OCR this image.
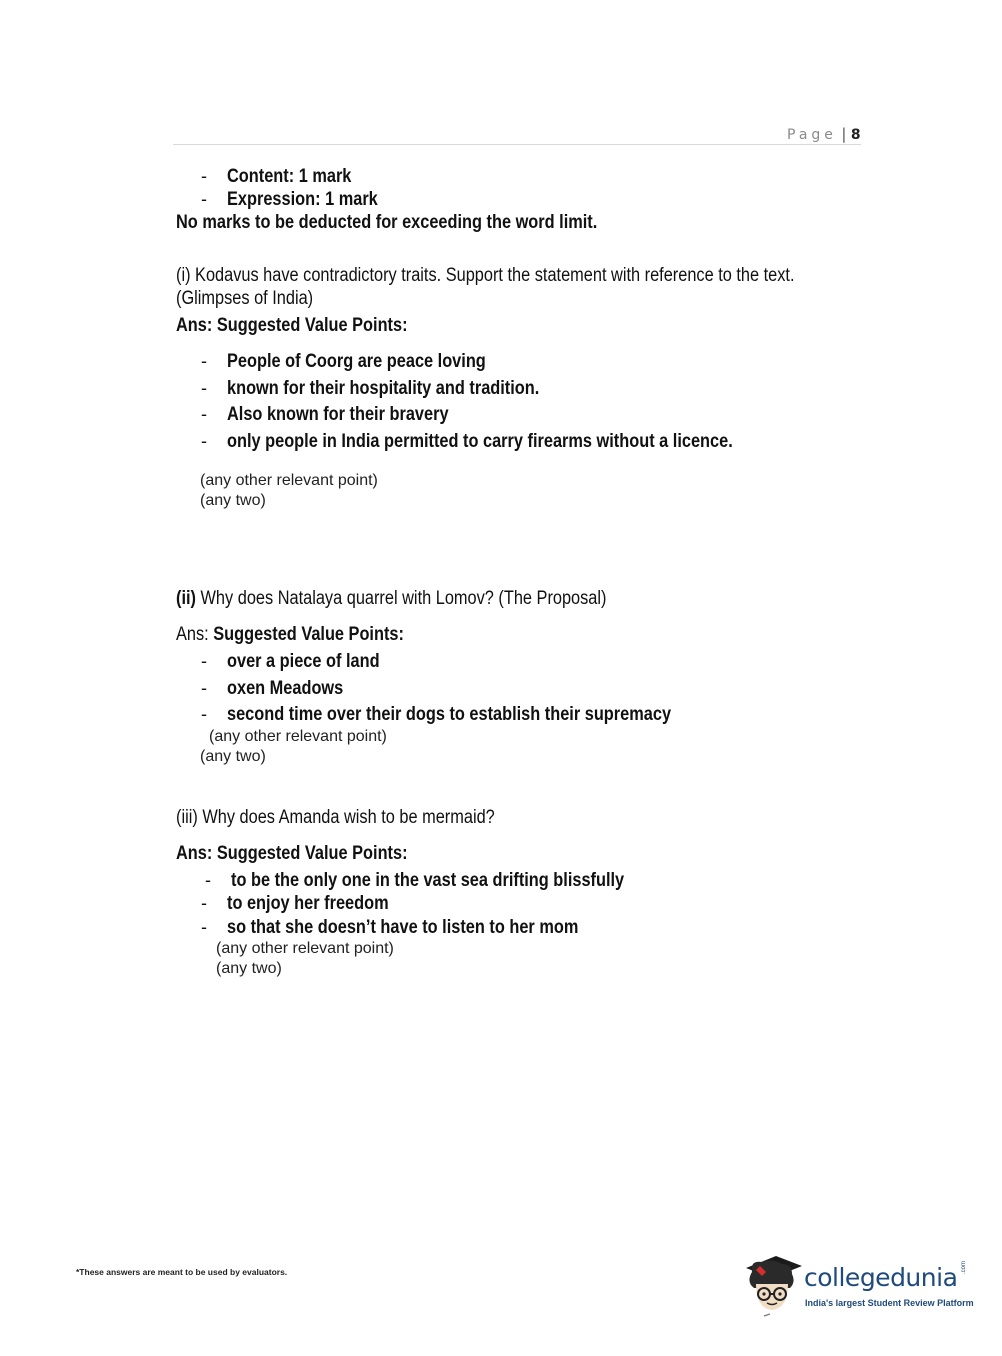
Page | 8
- Content: 1 mark
- Expression: 1 mark
No marks to be deducted for exceeding the word limit.
(i) Kodavus have contradictory traits. Support the statement with reference to the text.
(Glimpses of India)
Ans: Suggested Value Points:
- People of Coorg are peace loving
- known for their hospitality and tradition.
- Also known for their bravery
- only people in India permitted to carry firearms without a licence.
(any other relevant point)
(any two)
(ii) Why does Natalaya quarrel with Lomov? (The Proposal)
Ans: Suggested Value Points:
- over a piece of land
- oxen Meadows
- second time over their dogs to establish their supremacy
(any other relevant point)
(any two)
(iii) Why does Amanda wish to be mermaid?
Ans: Suggested Value Points:
- to be the only one in the vast sea drifting blissfully
- to enjoy her freedom
- so that she doesn’t have to listen to her mom
(any other relevant point)
(any two)
*These answers are meant to be used by evaluators.	collegedunia .com
India's largest Student Review Platform
